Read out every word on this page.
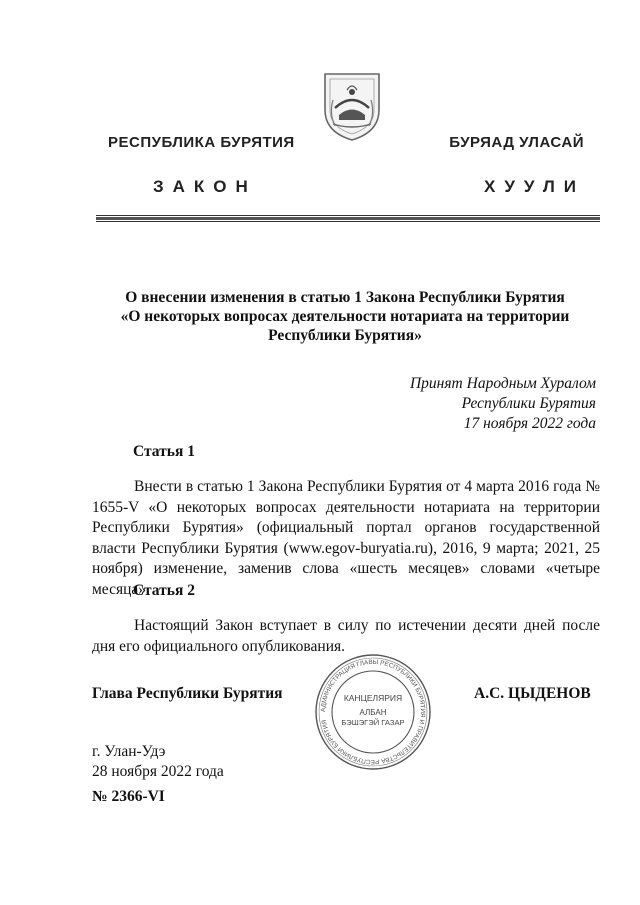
РЕСПУБЛИКА БУРЯТИЯ	БУРЯАД УЛАСАЙ
ЗАКОН	ХУУЛИ
О внесении изменения в статью 1 Закона Республики Бурятия
«О некоторых вопросах деятельности нотариата на территории
Республики Бурятия»
Принят Народным Хуралом
Республики Бурятия
17 ноября 2022 года
Статья 1

Внести в статью 1 Закона Республики Бурятия от 4 марта 2016 года № 1655-V «О некоторых вопросах деятельности нотариата на территории Республики Бурятия» (официальный портал органов государственной власти Республики Бурятия (www.egov-buryatia.ru), 2016, 9 марта; 2021, 25 ноября) изменение, заменив слова «шесть месяцев» словами «четыре месяца».

Статья 2

Настоящий Закон вступает в силу по истечении десяти дней после дня его официального опубликования.

Глава Республики Бурятия
АДМИНИСТРАЦИЯ ГЛАВЫ РЕСПУБЛИКИ БУРЯТИЯ И ПРАВИТЕЛЬСТВА РЕСПУБЛИКИ БУРЯТИЯ
КАНЦЕЛЯРИЯ
АЛБАН
БЭШЭГЭЙ ГАЗАР
А.С. ЦЫДЕНОВ
г. Улан-Удэ
28 ноября 2022 года
№ 2366-VI
